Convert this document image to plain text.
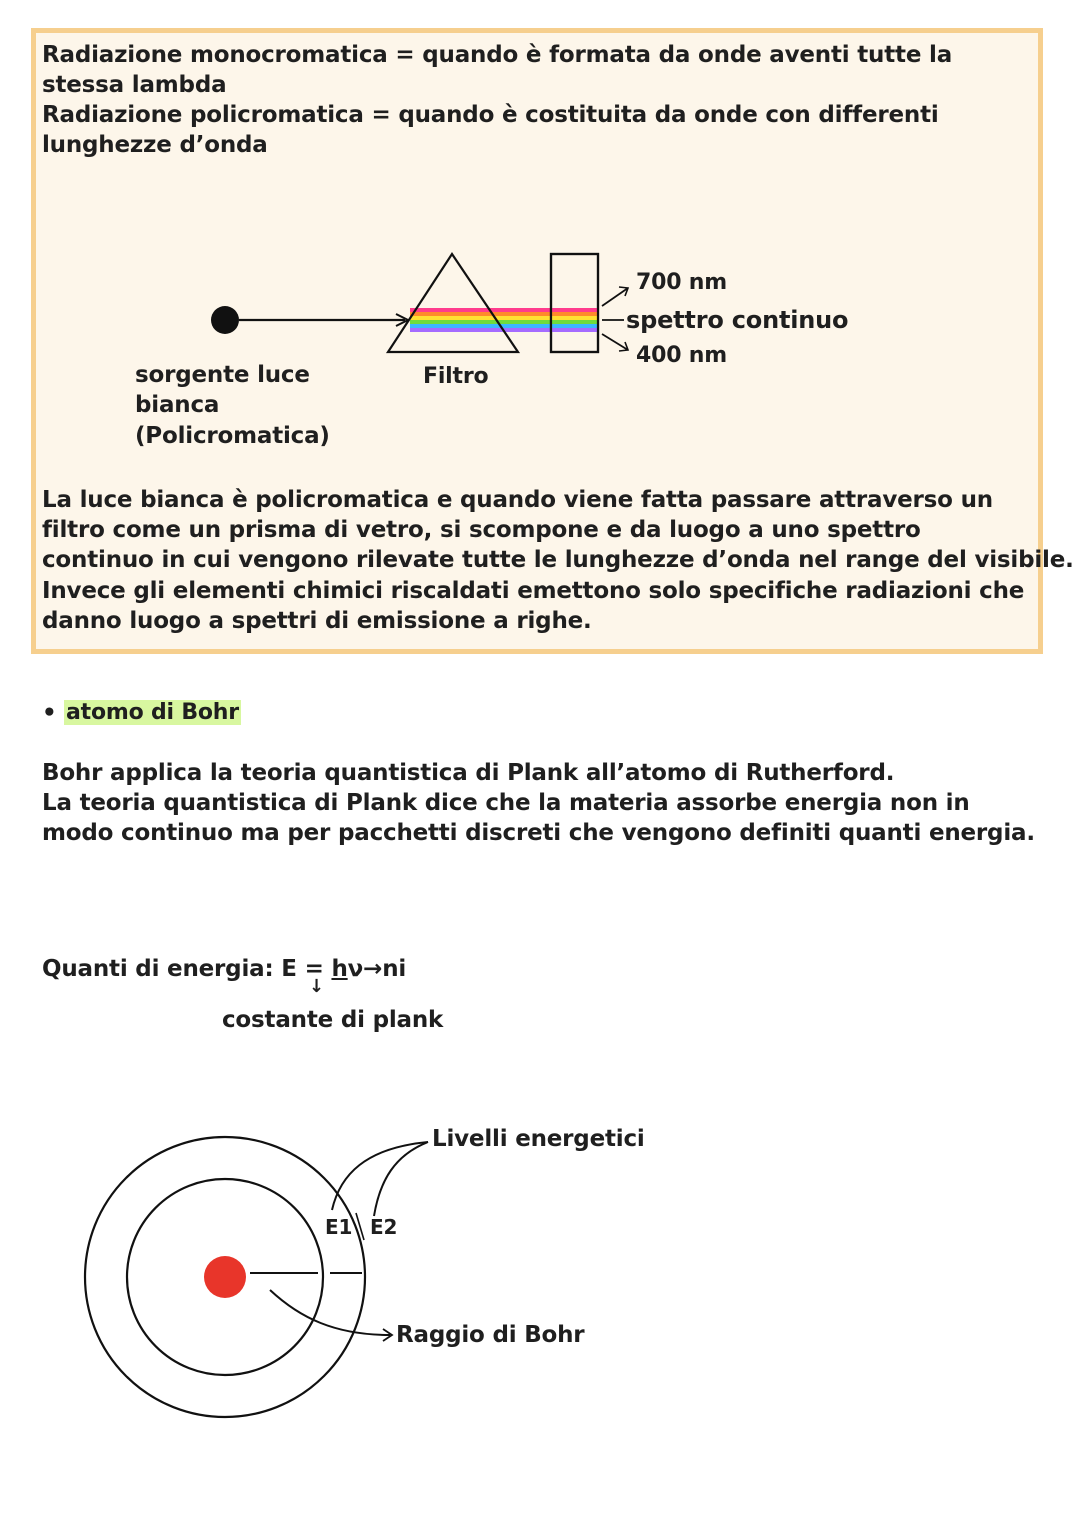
Radiazione monocromatica = quando è formata da onde aventi tutte la
stessa lambda
Radiazione policromatica = quando è costituita da onde con differenti
lunghezze d’onda
700 nm
spettro continuo
400 nm
sorgente luce
bianca
(Policromatica)
Filtro
La luce bianca è policromatica e quando viene fatta passare attraverso un
filtro come un prisma di vetro, si scompone e da luogo a uno spettro
continuo in cui vengono rilevate tutte le lunghezze d’onda nel range del visibile.
Invece gli elementi chimici riscaldati emettono solo specifiche radiazioni che
danno luogo a spettri di emissione a righe.
• atomo di Bohr
Bohr applica la teoria quantistica di Plank all’atomo di Rutherford.
La teoria quantistica di Plank dice che la materia assorbe energia non in
modo continuo ma per pacchetti discreti che vengono definiti quanti energia.
Quanti di energia: E = hν→ni
↓
costante di plank
Livelli energetici
E1 E2
Raggio di Bohr
